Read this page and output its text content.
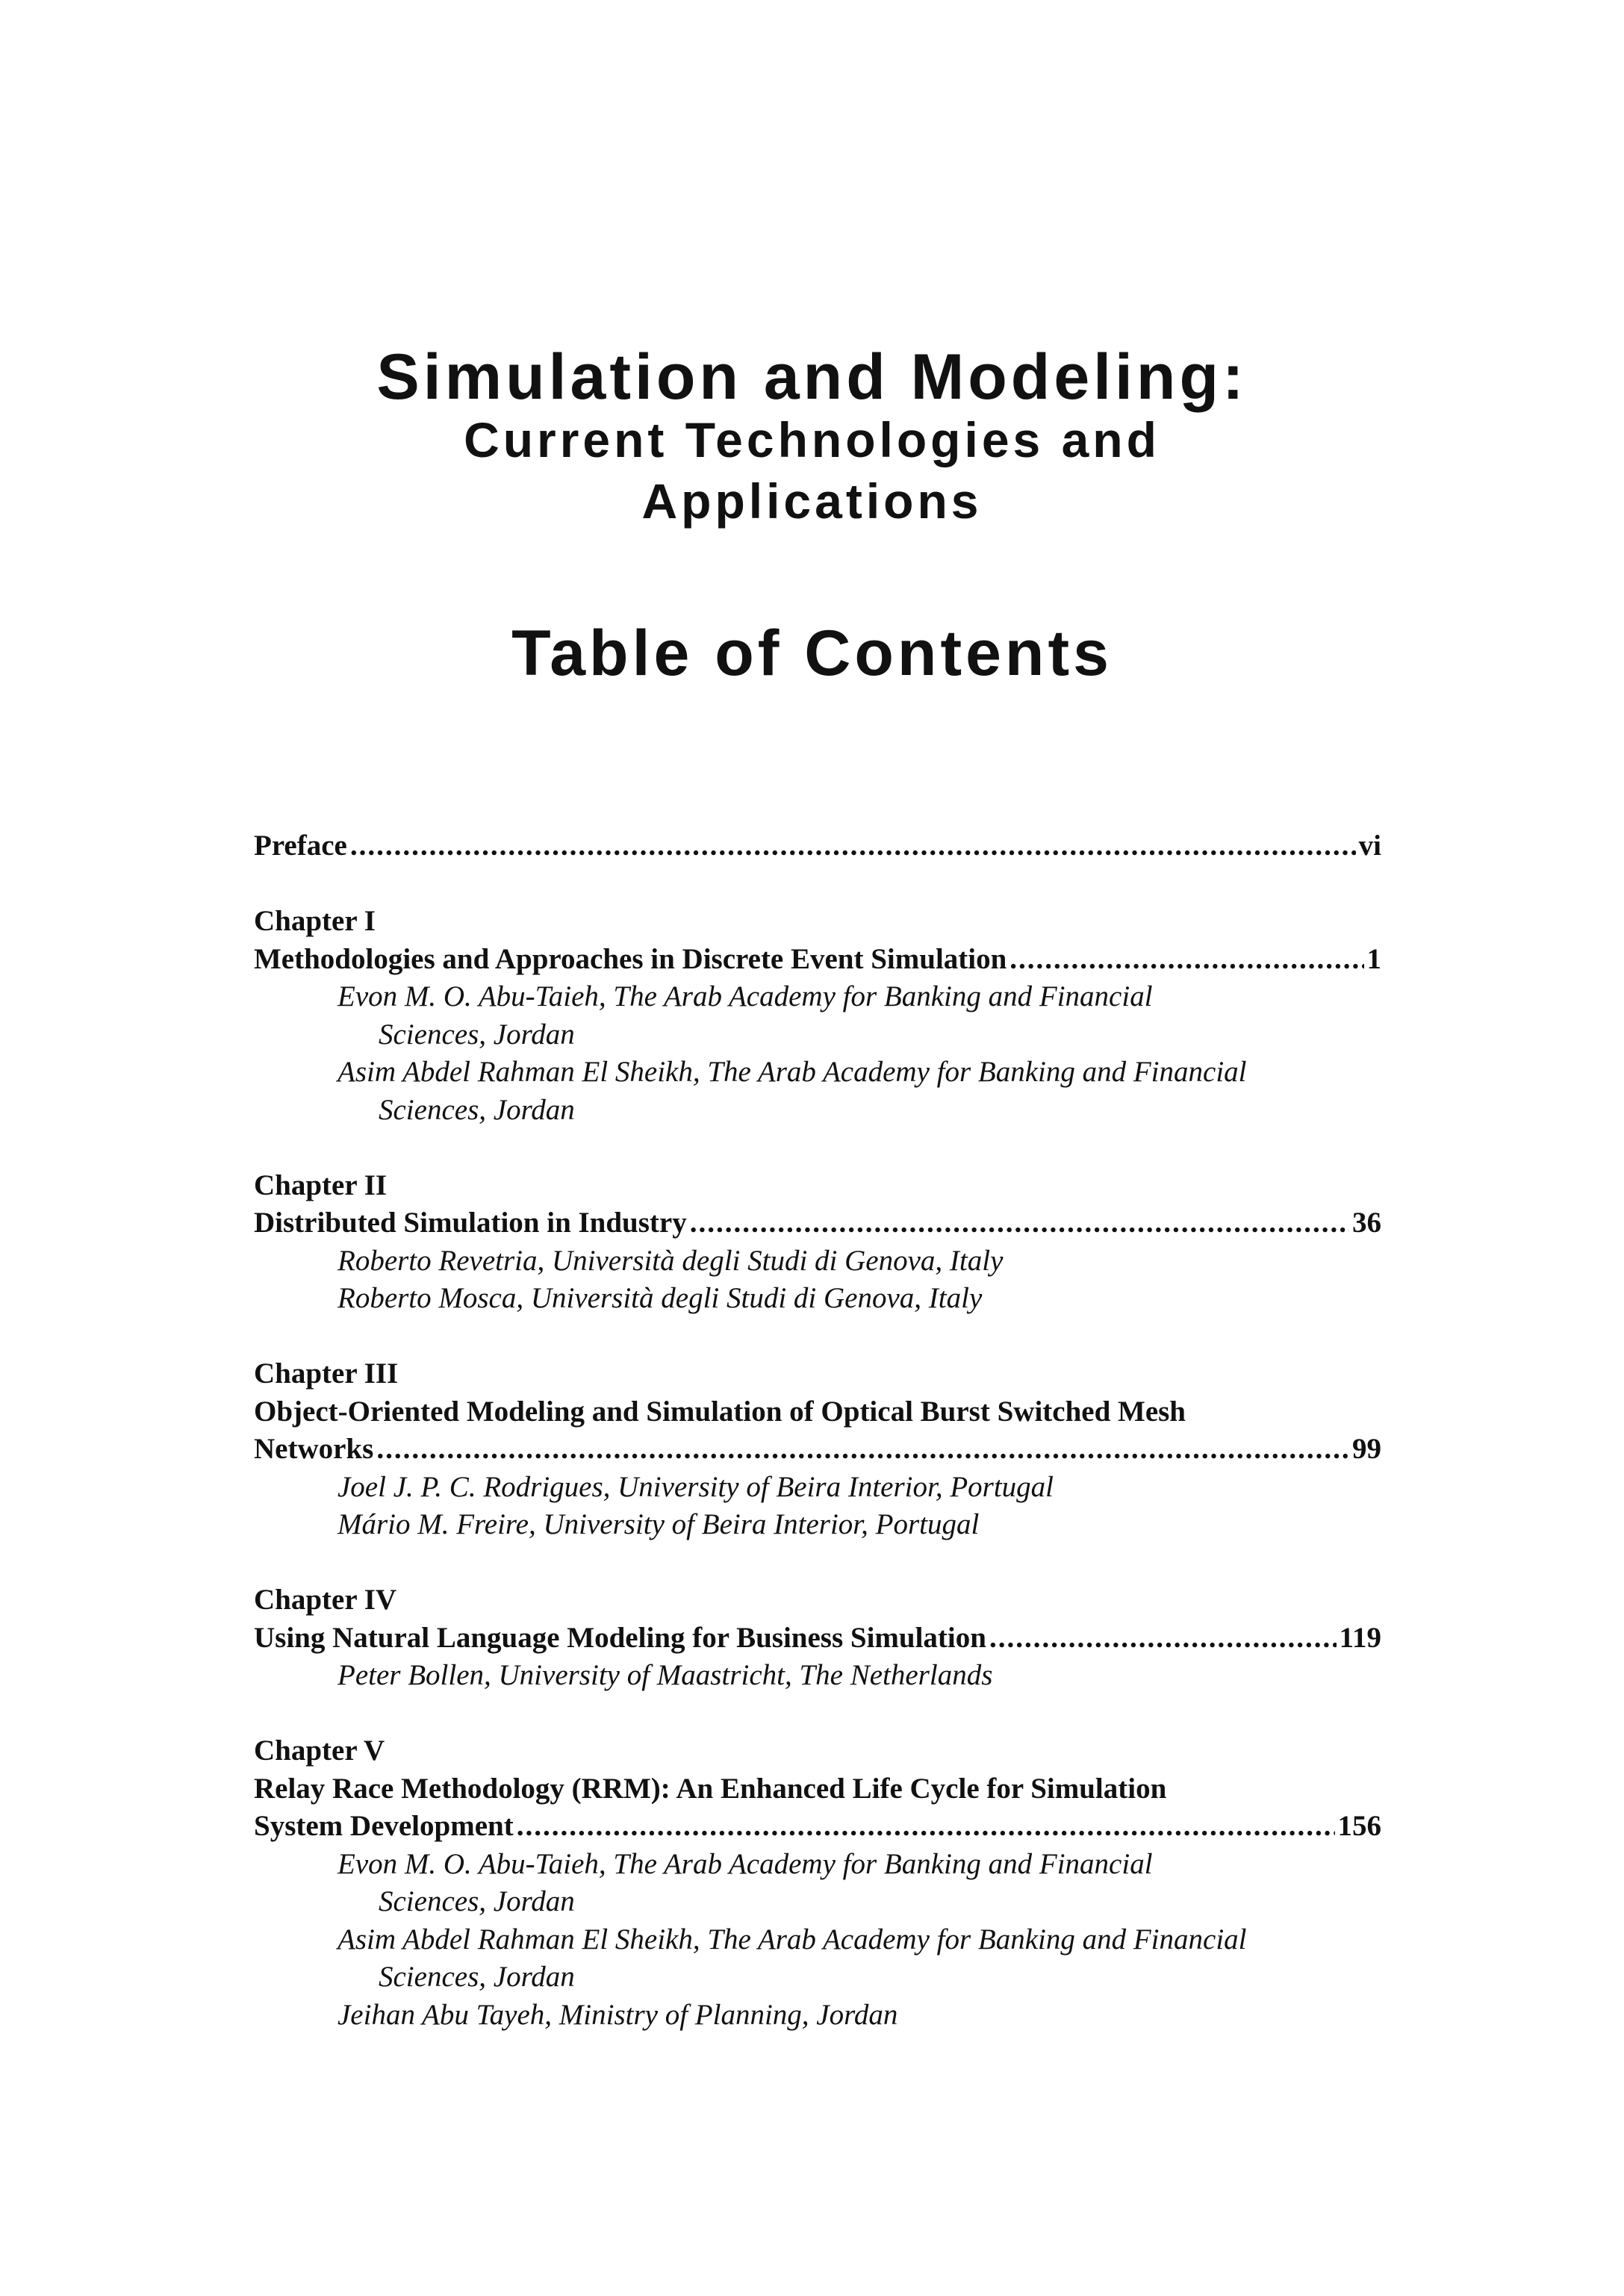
Simulation and Modeling:
Current Technologies and
Applications
Table of Contents
Preface .....	vi
Chapter I
Methodologies and Approaches in Discrete Event Simulation .....	1
Evon M. O. Abu-Taieh, The Arab Academy for Banking and Financial
Sciences, Jordan
Asim Abdel Rahman El Sheikh, The Arab Academy for Banking and Financial
Sciences, Jordan
Chapter II
Distributed Simulation in Industry .....	36
Roberto Revetria, Università degli Studi di Genova, Italy
Roberto Mosca, Università degli Studi di Genova, Italy
Chapter III
Object-Oriented Modeling and Simulation of Optical Burst Switched Mesh
Networks .....	99
Joel J. P. C. Rodrigues, University of Beira Interior, Portugal
Mário M. Freire, University of Beira Interior, Portugal
Chapter IV
Using Natural Language Modeling for Business Simulation .....	119
Peter Bollen, University of Maastricht, The Netherlands
Chapter V
Relay Race Methodology (RRM): An Enhanced Life Cycle for Simulation
System Development .....	156
Evon M. O. Abu-Taieh, The Arab Academy for Banking and Financial
Sciences, Jordan
Asim Abdel Rahman El Sheikh, The Arab Academy for Banking and Financial
Sciences, Jordan
Jeihan Abu Tayeh, Ministry of Planning, Jordan
